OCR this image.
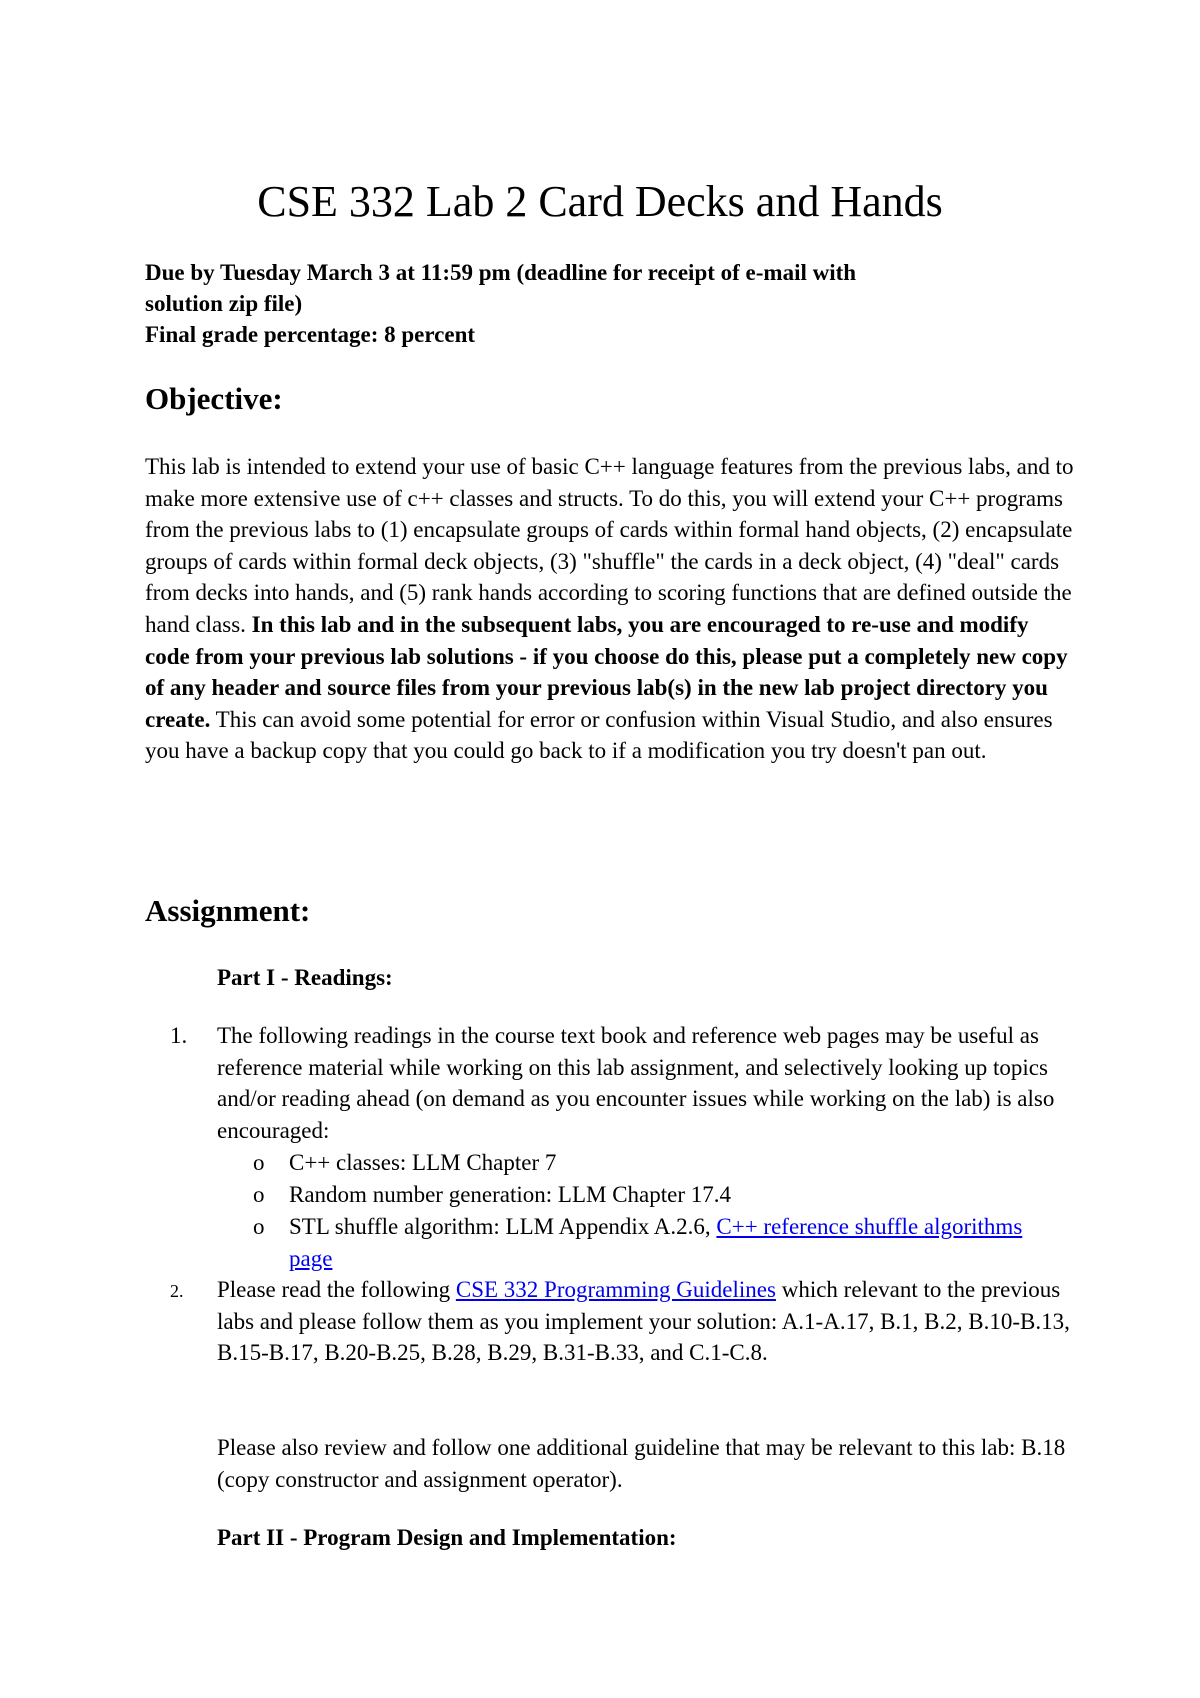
CSE 332 Lab 2 Card Decks and Hands
Due by Tuesday March 3 at 11:59 pm (deadline for receipt of e-mail with
solution zip file)
Final grade percentage: 8 percent
Objective:

This lab is intended to extend your use of basic C++ language features from the previous labs, and to make more extensive use of c++ classes and structs. To do this, you will extend your C++ programs from the previous labs to (1) encapsulate groups of cards within formal hand objects, (2) encapsulate groups of cards within formal deck objects, (3) "shuffle" the cards in a deck object, (4) "deal" cards from decks into hands, and (5) rank hands according to scoring functions that are defined outside the hand class. In this lab and in the subsequent labs, you are encouraged to re-use and modify code from your previous lab solutions - if you choose do this, please put a completely new copy of any header and source files from your previous lab(s) in the new lab project directory you create. This can avoid some potential for error or confusion within Visual Studio, and also ensures you have a backup copy that you could go back to if a modification you try doesn't pan out.

Assignment:

Part I - Readings:

1. The following readings in the course text book and reference web pages may be useful as reference material while working on this lab assignment, and selectively looking up topics and/or reading ahead (on demand as you encounter issues while working on the lab) is also encouraged:

o C++ classes: LLM Chapter 7

o Random number generation: LLM Chapter 17.4

o STL shuffle algorithm: LLM Appendix A.2.6, C++ reference shuffle algorithms page

2. Please read the following CSE 332 Programming Guidelines which relevant to the previous labs and please follow them as you implement your solution: A.1-A.17, B.1, B.2, B.10-B.13, B.15-B.17, B.20-B.25, B.28, B.29, B.31-B.33, and C.1-C.8.

Please also review and follow one additional guideline that may be relevant to this lab: B.18 (copy constructor and assignment operator).

Part II - Program Design and Implementation:
